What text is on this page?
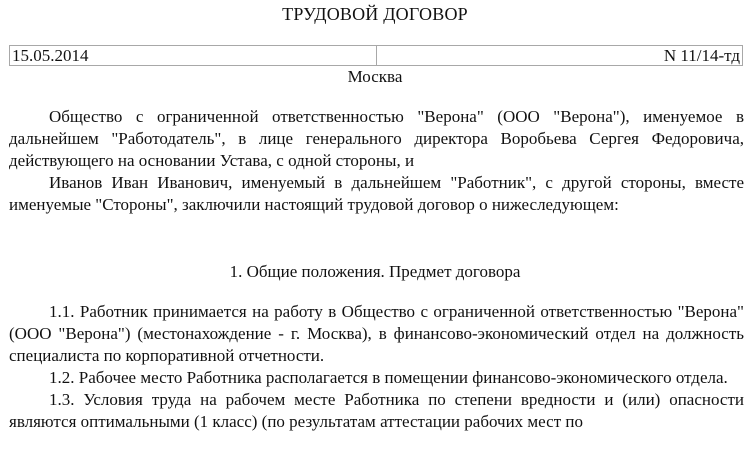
ТРУДОВОЙ ДОГОВОР
15.05.2014	N 11/14-тд
Москва

Общество с ограниченной ответственностью "Верона" (ООО "Верона"), именуемое в дальнейшем "Работодатель", в лице генерального директора Воробьева Сергея Федоровича, действующего на основании Устава, с одной стороны, и

Иванов Иван Иванович, именуемый в дальнейшем "Работник", с другой стороны, вместе именуемые "Стороны", заключили настоящий трудовой договор о нижеследующем:

1. Общие положения. Предмет договора

1.1. Работник принимается на работу в Общество с ограниченной ответственностью "Верона" (ООО "Верона") (местонахождение - г. Москва), в финансово-экономический отдел на должность специалиста по корпоративной отчетности.

1.2. Рабочее место Работника располагается в помещении финансово-экономического отдела.

1.3. Условия труда на рабочем месте Работника по степени вредности и (или) опасности являются оптимальными (1 класс) (по результатам аттестации рабочих мест по
